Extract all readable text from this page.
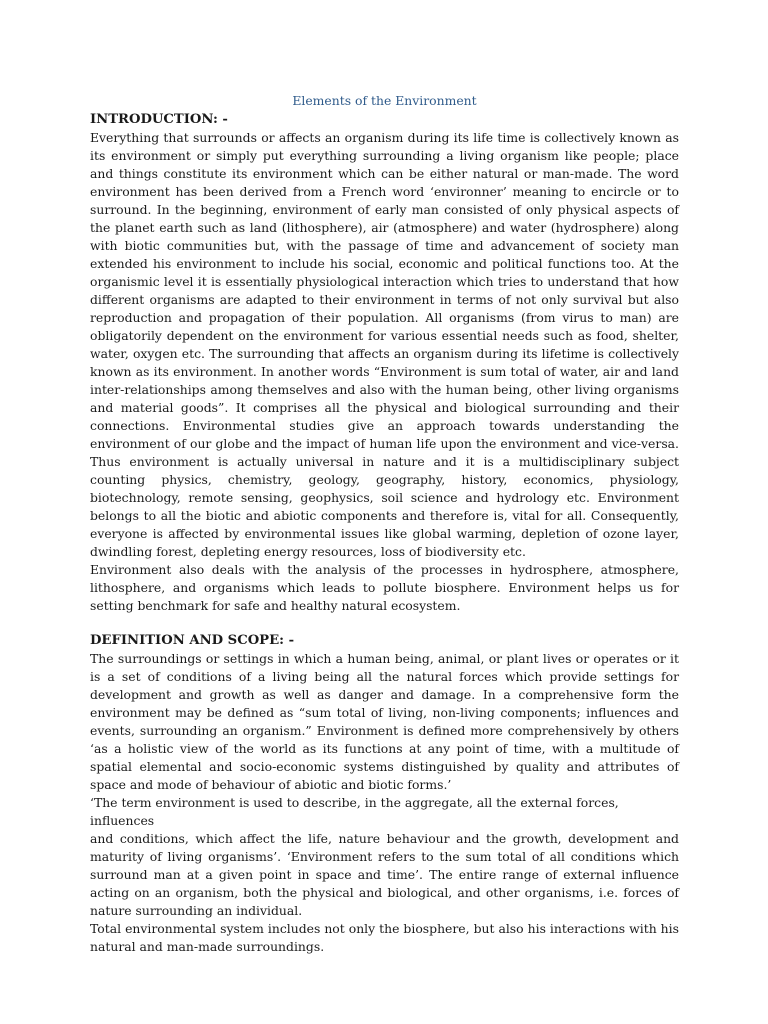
Elements of the Environment
INTRODUCTION: -

Everything that surrounds or affects an organism during its life time is collectively known as its environment or simply put everything surrounding a living organism like people; place and things constitute its environment which can be either natural or man-made. The word environment has been derived from a French word ‘environner’ meaning to encircle or to surround. In the beginning, environment of early man consisted of only physical aspects of the planet earth such as land (lithosphere), air (atmosphere) and water (hydrosphere) along with biotic communities but, with the passage of time and advancement of society man extended his environment to include his social, economic and political functions too. At the organismic level it is essentially physiological interaction which tries to understand that how different organisms are adapted to their environment in terms of not only survival but also reproduction and propagation of their population. All organisms (from virus to man) are obligatorily dependent on the environment for various essential needs such as food, shelter, water, oxygen etc. The surrounding that affects an organism during its lifetime is collectively known as its environment. In another words “Environment is sum total of water, air and land inter-relationships among themselves and also with the human being, other living organisms and material goods”. It comprises all the physical and biological surrounding and their connections. Environmental studies give an approach towards understanding the environment of our globe and the impact of human life upon the environment and vice-versa. Thus environment is actually universal in nature and it is a multidisciplinary subject counting physics, chemistry, geology, geography, history, economics, physiology, biotechnology, remote sensing, geophysics, soil science and hydrology etc. Environment belongs to all the biotic and abiotic components and therefore is, vital for all. Consequently, everyone is affected by environmental issues like global warming, depletion of ozone layer, dwindling forest, depleting energy resources, loss of biodiversity etc.

Environment also deals with the analysis of the processes in hydrosphere, atmosphere, lithosphere, and organisms which leads to pollute biosphere. Environment helps us for setting benchmark for safe and healthy natural ecosystem.

DEFINITION AND SCOPE: -

The surroundings or settings in which a human being, animal, or plant lives or operates or it is a set of conditions of a living being all the natural forces which provide settings for development and growth as well as danger and damage. In a comprehensive form the environment may be defined as “sum total of living, non-living components; influences and events, surrounding an organism.” Environment is defined more comprehensively by others ‘as a holistic view of the world as its functions at any point of time, with a multitude of spatial elemental and socio-economic systems distinguished by quality and attributes of space and mode of behaviour of abiotic and biotic forms.’

‘The term environment is used to describe, in the aggregate, all the external forces, influences

and conditions, which affect the life, nature behaviour and the growth, development and maturity of living organisms’. ‘Environment refers to the sum total of all conditions which surround man at a given point in space and time’. The entire range of external influence acting on an organism, both the physical and biological, and other organisms, i.e. forces of nature surrounding an individual.

Total environmental system includes not only the biosphere, but also his interactions with his natural and man-made surroundings.
